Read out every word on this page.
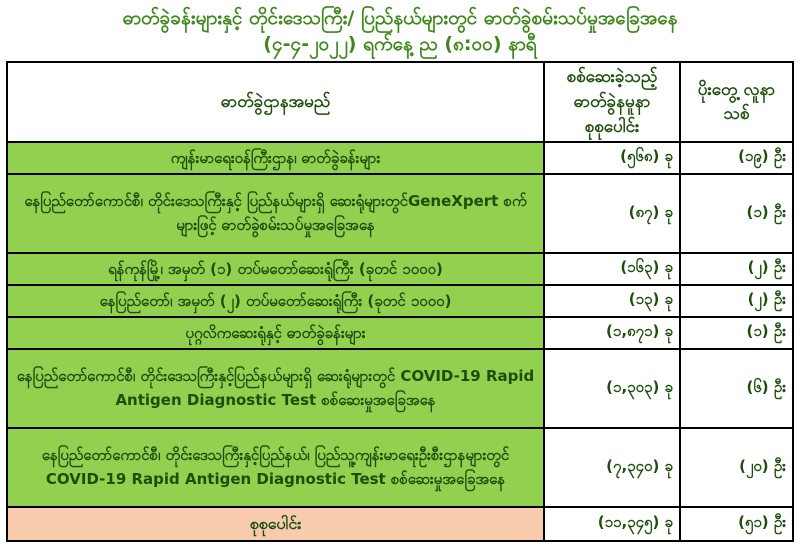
ဓာတ်ခွဲခန်းများနှင့် တိုင်းဒေသကြီး/ ပြည်နယ်များတွင် ဓာတ်ခွဲစမ်းသပ်မှုအခြေအနေ
(၄-၄-၂၀၂၂) ရက်နေ့ ည (၈:၀၀) နာရီ
ဓာတ်ခွဲဌာနအမည်	စစ်ဆေးခဲ့သည့် ဓာတ်ခွဲနမူနာ စုစုပေါင်း	ပိုးတွေ့ လူနာသစ်
ကျန်းမာရေးဝန်ကြီးဌာန၊ ဓာတ်ခွဲခန်းများ	(၅၆၈) ခု	(၁၉) ဦး
နေပြည်တော်ကောင်စီ၊ တိုင်းဒေသကြီးနှင့် ပြည်နယ်များရှိ ဆေးရုံများတွင်GeneXpert စက်များဖြင့် ဓာတ်ခွဲစမ်းသပ်မှုအခြေအနေ	(၈၇) ခု	(၁) ဦး
ရန်ကုန်မြို့၊ အမှတ် (၁) တပ်မတော်ဆေးရုံကြီး (ခုတင် ၁၀၀၀)	(၁၆၃) ခု	(၂) ဦး
နေပြည်တော်၊ အမှတ် (၂) တပ်မတော်ဆေးရုံကြီး (ခုတင် ၁၀၀၀)	(၁၃) ခု	(၂) ဦး
ပုဂ္ဂလိကဆေးရုံနှင့် ဓာတ်ခွဲခန်းများ	(၁,၈၇၁) ခု	(၁) ဦး
နေပြည်တော်ကောင်စီ၊ တိုင်းဒေသကြီးနှင့်ပြည်နယ်များရှိ ဆေးရုံများတွင် COVID-19 Rapid Antigen Diagnostic Test စစ်ဆေးမှုအခြေအနေ	(၁,၃၀၃) ခု	(၆) ဦး
နေပြည်တော်ကောင်စီ၊ တိုင်းဒေသကြီးနှင့်ပြည်နယ်၊ ပြည်သူ့ကျန်းမာရေးဦးစီးဌာနများတွင် COVID-19 Rapid Antigen Diagnostic Test စစ်ဆေးမှုအခြေအနေ	(၇,၃၄၀) ခု	(၂၀) ဦး
စုစုပေါင်း	(၁၁,၃၄၅) ခု	(၅၁) ဦး
